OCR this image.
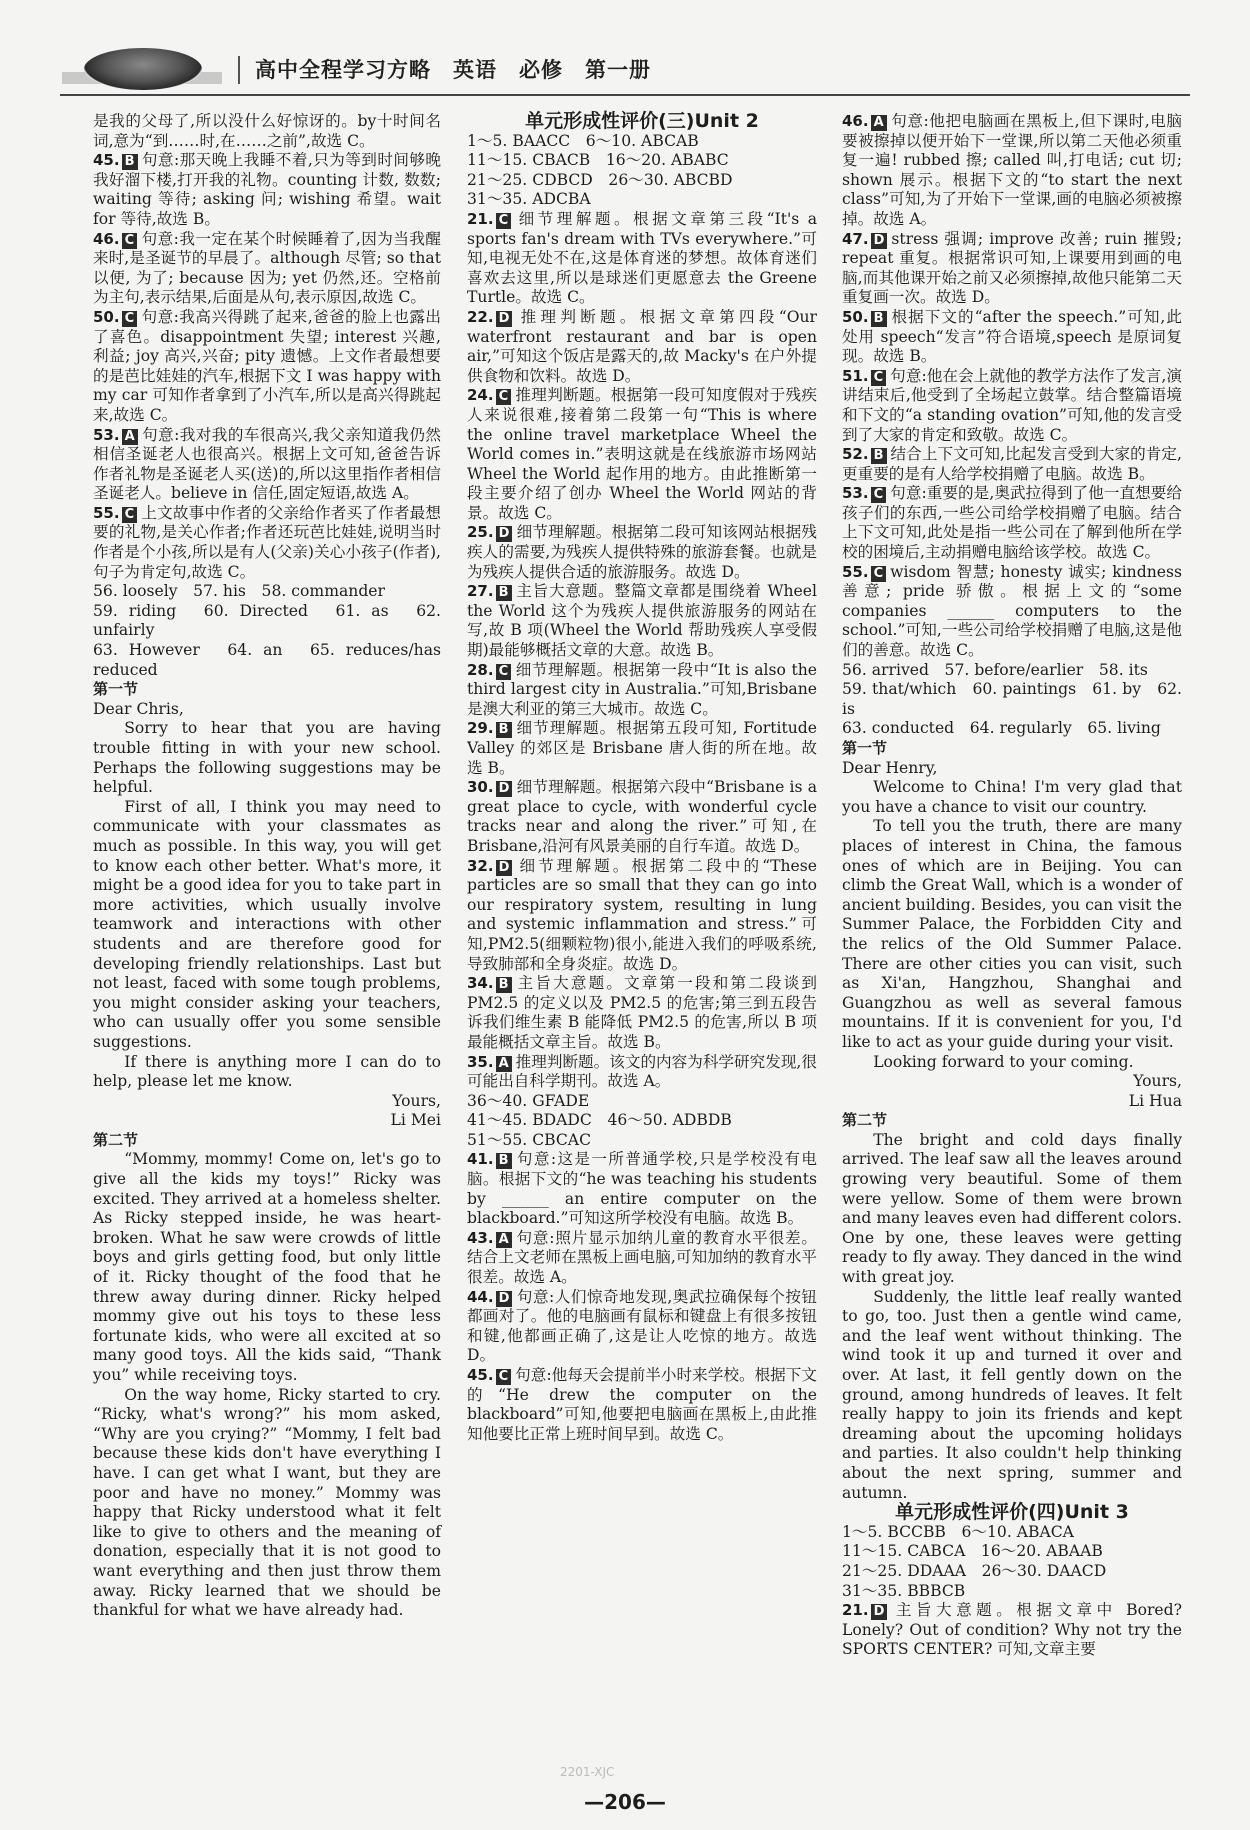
高中全程学习方略　英语　必修　第一册
是我的父母了,所以没什么好惊讶的。by十时间名词,意为“到……时,在……之前”,故选 C。
45. B 句意:那天晚上我睡不着,只为等到时间够晚我好溜下楼,打开我的礼物。counting 计数, 数数; waiting 等待; asking 问; wishing 希望。wait for 等待,故选 B。
46. C 句意:我一定在某个时候睡着了,因为当我醒来时,是圣诞节的早晨了。although 尽管; so that 以便, 为了; because 因为; yet 仍然,还。空格前为主句,表示结果,后面是从句,表示原因,故选 C。
50. C 句意:我高兴得跳了起来,爸爸的脸上也露出了喜色。disappointment 失望; interest 兴趣,利益; joy 高兴,兴奋; pity 遗憾。上文作者最想要的是芭比娃娃的汽车,根据下文 I was happy with my car 可知作者拿到了小汽车,所以是高兴得跳起来,故选 C。
53. A 句意:我对我的车很高兴,我父亲知道我仍然相信圣诞老人也很高兴。根据上文可知,爸爸告诉作者礼物是圣诞老人买(送)的,所以这里指作者相信圣诞老人。believe in 信任,固定短语,故选 A。
55. C 上文故事中作者的父亲给作者买了作者最想要的礼物,是关心作者;作者还玩芭比娃娃,说明当时作者是个小孩,所以是有人(父亲)关心小孩子(作者),句子为肯定句,故选 C。
56. loosely　57. his　58. commander
59. riding　60. Directed　61. as　62. unfairly
63. However　64. an　65. reduces/has reduced
第一节
Dear Chris,
Sorry to hear that you are having trouble fitting in with your new school. Perhaps the following suggestions may be helpful.
First of all, I think you may need to communicate with your classmates as much as possible. In this way, you will get to know each other better. What's more, it might be a good idea for you to take part in more activities, which usually involve teamwork and interactions with other students and are therefore good for developing friendly relationships. Last but not least, faced with some tough problems, you might consider asking your teachers, who can usually offer you some sensible suggestions.
If there is anything more I can do to help, please let me know.
Yours,
Li Mei
第二节
“Mommy, mommy! Come on, let's go to give all the kids my toys!” Ricky was excited. They arrived at a homeless shelter. As Ricky stepped inside, he was heart-broken. What he saw were crowds of little boys and girls getting food, but only little of it. Ricky thought of the food that he threw away during dinner. Ricky helped mommy give out his toys to these less fortunate kids, who were all excited at so many good toys. All the kids said, “Thank you” while receiving toys.
On the way home, Ricky started to cry. “Ricky, what's wrong?” his mom asked, “Why are you crying?” “Mommy, I felt bad because these kids don't have everything I have. I can get what I want, but they are poor and have no money.” Mommy was happy that Ricky understood what it felt like to give to others and the meaning of donation, especially that it is not good to want everything and then just throw them away. Ricky learned that we should be thankful for what we have already had.
单元形成性评价(三)Unit 2
1～5. BAACC　6～10. ABCAB
11～15. CBACB　16～20. ABABC
21～25. CDBCD　26～30. ABCBD
31～35. ADCBA
21. C 细节理解题。根据文章第三段“It's a sports fan's dream with TVs everywhere.”可知,电视无处不在,这是体育迷的梦想。故体育迷们喜欢去这里,所以是球迷们更愿意去 the Greene Turtle。故选 C。
22. D 推理判断题。根据文章第四段“Our waterfront restaurant and bar is open air,”可知这个饭店是露天的,故 Macky's 在户外提供食物和饮料。故选 D。
24. C 推理判断题。根据第一段可知度假对于残疾人来说很难,接着第二段第一句“This is where the online travel marketplace Wheel the World comes in.”表明这就是在线旅游市场网站 Wheel the World 起作用的地方。由此推断第一段主要介绍了创办 Wheel the World 网站的背景。故选 C。
25. D 细节理解题。根据第二段可知该网站根据残疾人的需要,为残疾人提供特殊的旅游套餐。也就是为残疾人提供合适的旅游服务。故选 D。
27. B 主旨大意题。整篇文章都是围绕着 Wheel the World 这个为残疾人提供旅游服务的网站在写,故 B 项(Wheel the World 帮助残疾人享受假期)最能够概括文章的大意。故选 B。
28. C 细节理解题。根据第一段中“It is also the third largest city in Australia.”可知,Brisbane 是澳大利亚的第三大城市。故选 C。
29. B 细节理解题。根据第五段可知, Fortitude Valley 的郊区是 Brisbane 唐人街的所在地。故选 B。
30. D 细节理解题。根据第六段中“Brisbane is a great place to cycle, with wonderful cycle tracks near and along the river.”可知,在 Brisbane,沿河有风景美丽的自行车道。故选 D。
32. D 细节理解题。根据第二段中的“These particles are so small that they can go into our respiratory system, resulting in lung and systemic inflammation and stress.”可知,PM2.5(细颗粒物)很小,能进入我们的呼吸系统,导致肺部和全身炎症。故选 D。
34. B 主旨大意题。文章第一段和第二段谈到 PM2.5 的定义以及 PM2.5 的危害;第三到五段告诉我们维生素 B 能降低 PM2.5 的危害,所以 B 项最能概括文章主旨。故选 B。
35. A 推理判断题。该文的内容为科学研究发现,很可能出自科学期刊。故选 A。
36～40. GFADE
41～45. BDADC　46～50. ADBDB
51～55. CBCAC
41. B 句意:这是一所普通学校,只是学校没有电脑。根据下文的“he was teaching his students by ______ an entire computer on the blackboard.”可知这所学校没有电脑。故选 B。
43. A 句意:照片显示加纳儿童的教育水平很差。结合上文老师在黑板上画电脑,可知加纳的教育水平很差。故选 A。
44. D 句意:人们惊奇地发现,奥武拉确保每个按钮都画对了。他的电脑画有鼠标和键盘上有很多按钮和键,他都画正确了,这是让人吃惊的地方。故选 D。
45. C 句意:他每天会提前半小时来学校。根据下文的“He drew the computer on the blackboard”可知,他要把电脑画在黑板上,由此推知他要比正常上班时间早到。故选 C。
46. A 句意:他把电脑画在黑板上,但下课时,电脑要被擦掉以便开始下一堂课,所以第二天他必须重复一遍! rubbed 擦; called 叫,打电话; cut 切; shown 展示。根据下文的“to start the next class”可知,为了开始下一堂课,画的电脑必须被擦掉。故选 A。
47. D stress 强调; improve 改善; ruin 摧毁; repeat 重复。根据常识可知,上课要用到画的电脑,而其他课开始之前又必须擦掉,故他只能第二天重复画一次。故选 D。
50. B 根据下文的“after the speech.”可知,此处用 speech“发言”符合语境,speech 是原词复现。故选 B。
51. C 句意:他在会上就他的教学方法作了发言,演讲结束后,他受到了全场起立鼓掌。结合整篇语境和下文的“a standing ovation”可知,他的发言受到了大家的肯定和致敬。故选 C。
52. B 结合上下文可知,比起发言受到大家的肯定,更重要的是有人给学校捐赠了电脑。故选 B。
53. C 句意:重要的是,奥武拉得到了他一直想要给孩子们的东西,一些公司给学校捐赠了电脑。结合上下文可知,此处是指一些公司在了解到他所在学校的困境后,主动捐赠电脑给该学校。故选 C。
55. C wisdom 智慧; honesty 诚实; kindness 善意; pride 骄傲。根据上文的“some companies ______ computers to the school.”可知,一些公司给学校捐赠了电脑,这是他们的善意。故选 C。
56. arrived　57. before/earlier　58. its
59. that/which　60. paintings　61. by　62. is
63. conducted　64. regularly　65. living
第一节
Dear Henry,
Welcome to China! I'm very glad that you have a chance to visit our country.
To tell you the truth, there are many places of interest in China, the famous ones of which are in Beijing. You can climb the Great Wall, which is a wonder of ancient building. Besides, you can visit the Summer Palace, the Forbidden City and the relics of the Old Summer Palace. There are other cities you can visit, such as Xi'an, Hangzhou, Shanghai and Guangzhou as well as several famous mountains. If it is convenient for you, I'd like to act as your guide during your visit.
Looking forward to your coming.
Yours,
Li Hua
第二节
The bright and cold days finally arrived. The leaf saw all the leaves around growing very beautiful. Some of them were yellow. Some of them were brown and many leaves even had different colors. One by one, these leaves were getting ready to fly away. They danced in the wind with great joy.
Suddenly, the little leaf really wanted to go, too. Just then a gentle wind came, and the leaf went without thinking. The wind took it up and turned it over and over. At last, it fell gently down on the ground, among hundreds of leaves. It felt really happy to join its friends and kept dreaming about the upcoming holidays and parties. It also couldn't help thinking about the next spring, summer and autumn.
单元形成性评价(四)Unit 3
1～5. BCCBB　6～10. ABACA
11～15. CABCA　16～20. ABAAB
21～25. DDAAA　26～30. DAACD
31～35. BBBCB
21. D 主旨大意题。根据文章中 Bored? Lonely? Out of condition? Why not try the SPORTS CENTER? 可知,文章主要
2201-XJC
—206—
